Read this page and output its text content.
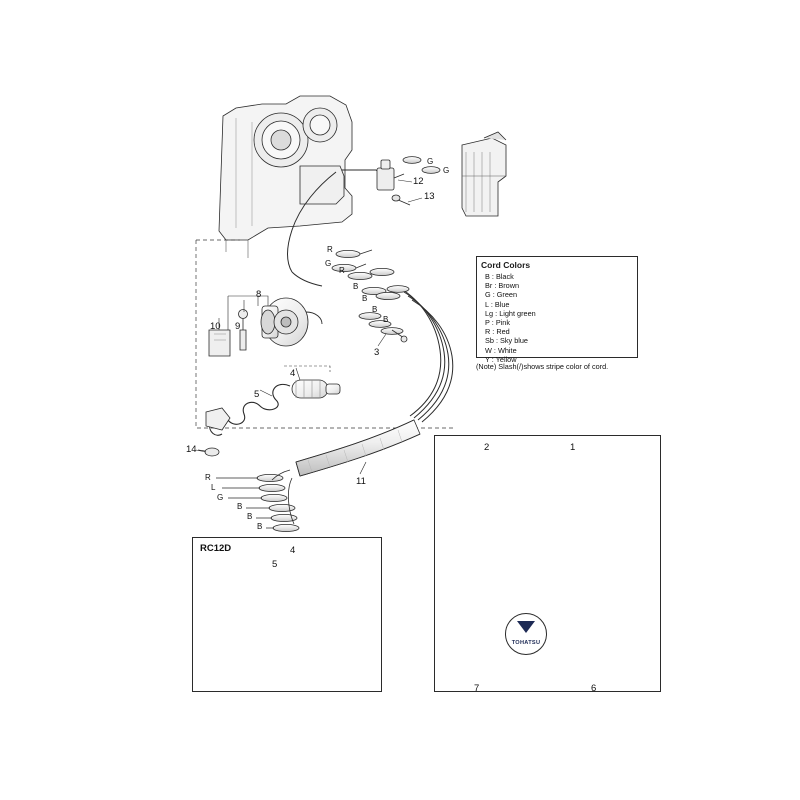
Cord Colors
B : Black
Br : Brown
G : Green
L : Blue
Lg : Light green
P : Pink
R : Red
Sb : Sky blue
W : White
Y : Yellow
(Note) Slash(/)shows stripe color of cord.
RC12D
TOHATSU
1
2
3
4
5
6
7
8
9
10
11
12
13
14
4
5
G
G
R
G
R
B
B
B
B
R
L
G
B
B
B
